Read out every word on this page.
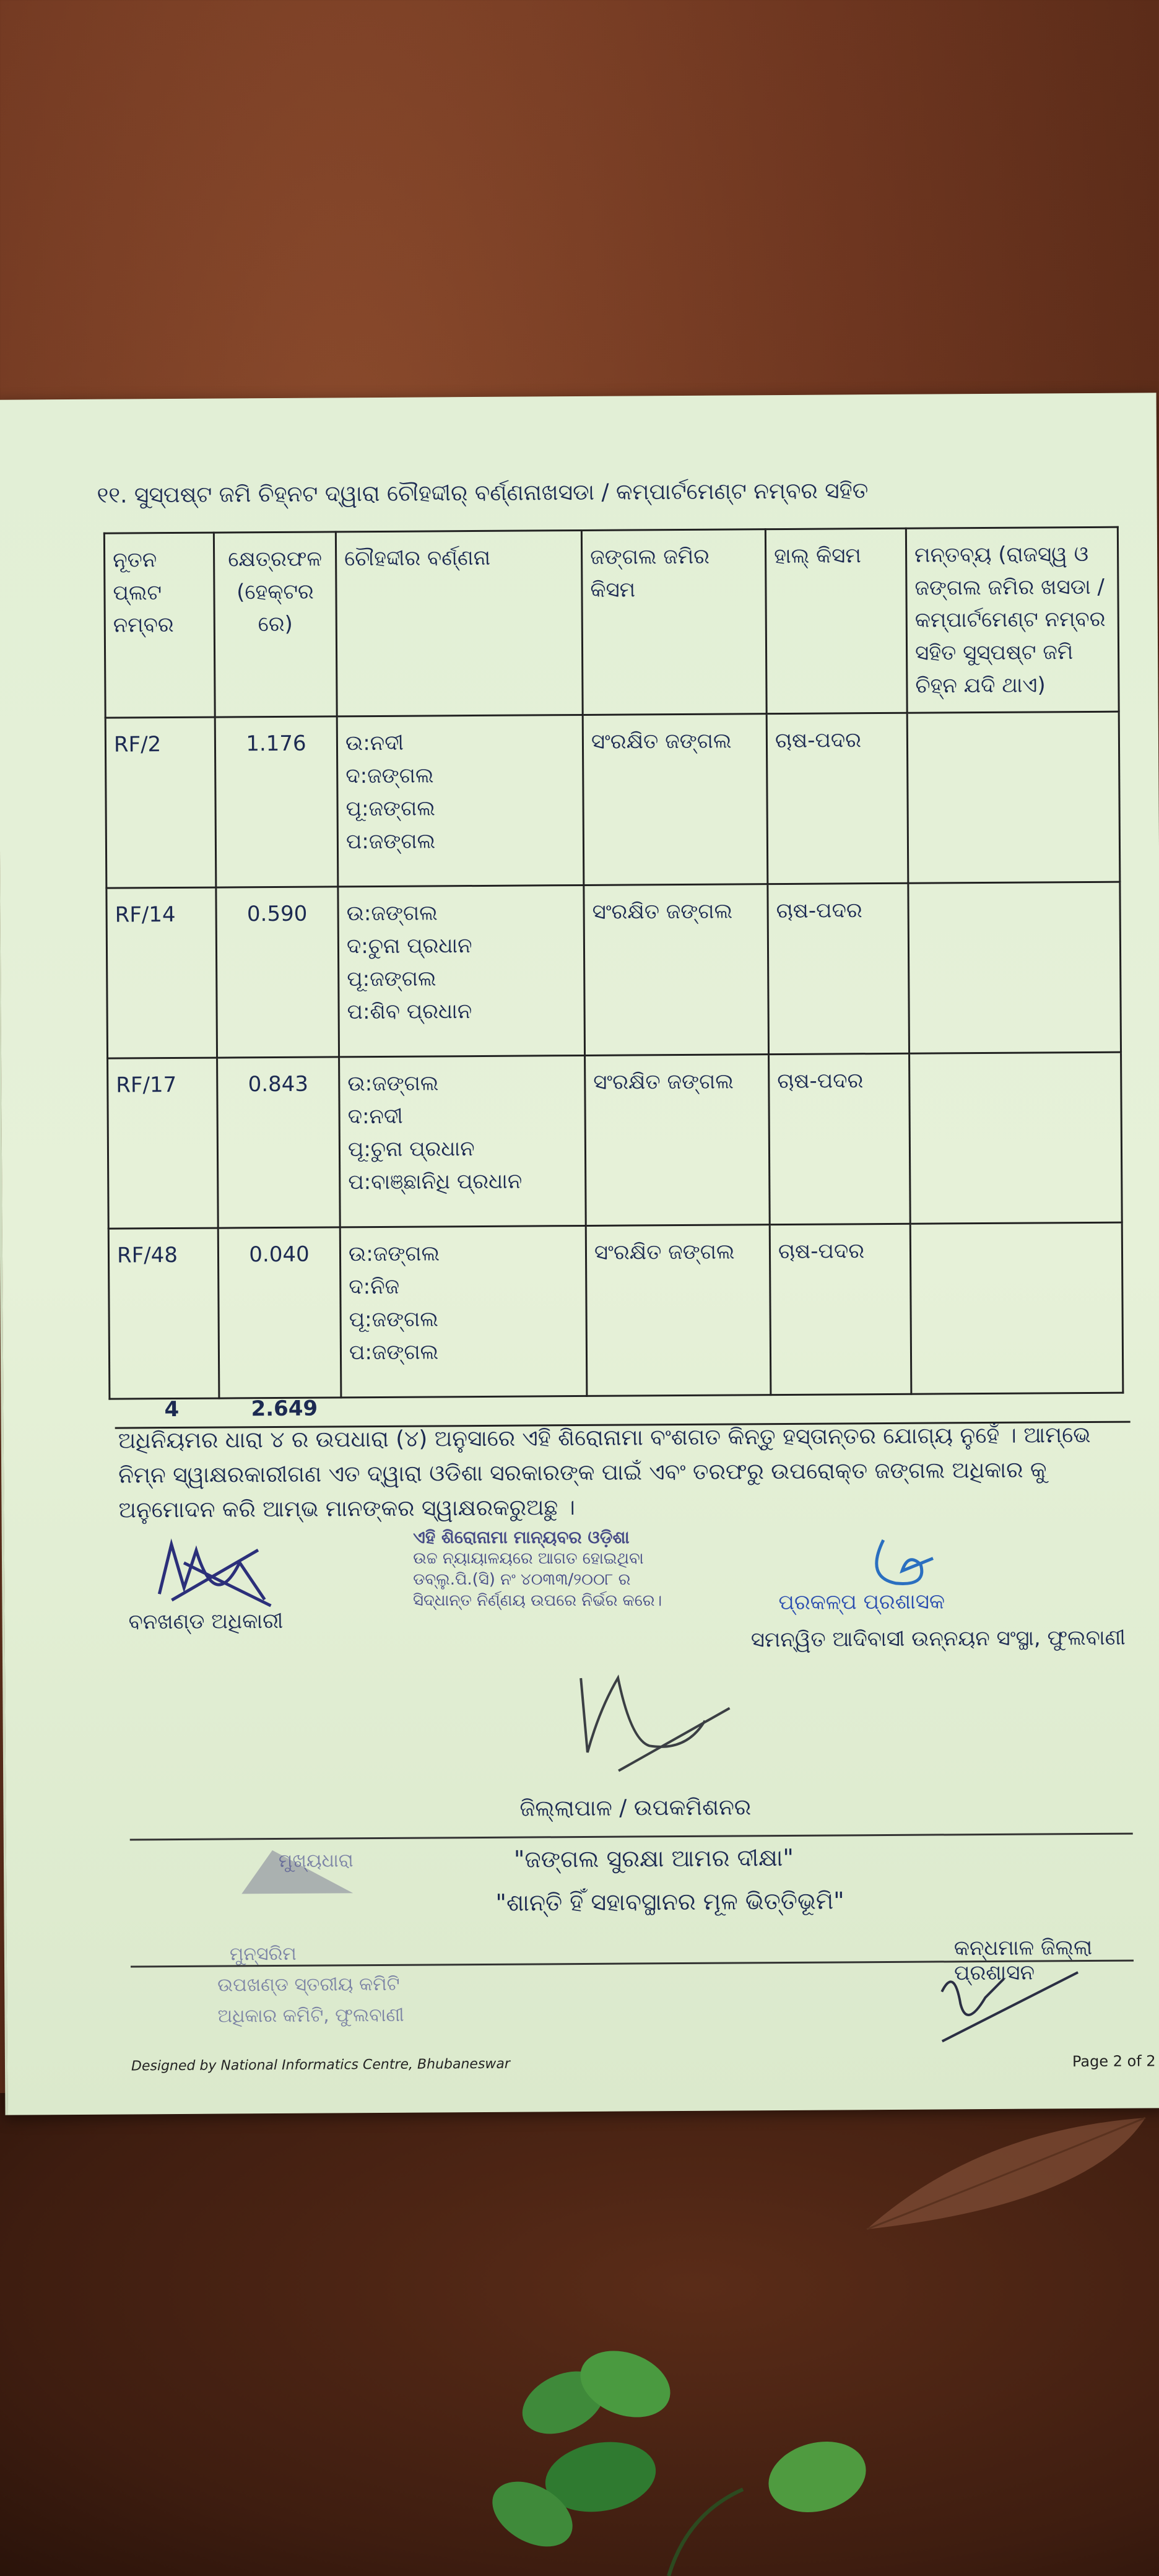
୧୧. ସୁସ୍ପଷ୍ଟ ଜମି ଚିହ୍ନଟ ଦ୍ୱାରା ଚୌହଦ୍ଦୀର୍ ବର୍ଣ୍ଣନାଖସଡା / କମ୍ପାର୍ଟମେଣ୍ଟ ନମ୍ବର ସହିତ
ନୂତନ ପ୍ଲଟ ନମ୍ବର	କ୍ଷେତ୍ରଫଳ (ହେକ୍ଟର ରେ)	ଚୌହଦ୍ଦୀର ବର୍ଣ୍ଣନା	ଜଙ୍ଗଲ ଜମିର କିସମ	ହାଲ୍ କିସମ	ମନ୍ତବ୍ୟ (ରାଜସ୍ୱ ଓ ଜଙ୍ଗଲ ଜମିର ଖସଡା / କମ୍ପାର୍ଟମେଣ୍ଟ ନମ୍ବର ସହିତ ସୁସ୍ପଷ୍ଟ ଜମି ଚିହ୍ନ ଯଦି ଥାଏ)
RF/2	1.176	ଉ:ନଦୀ
ଦ:ଜଙ୍ଗଲ
ପୂ:ଜଙ୍ଗଲ
ପ:ଜଙ୍ଗଲ	ସଂରକ୍ଷିତ ଜଙ୍ଗଲ	ଚାଷ-ପଦର	
RF/14	0.590	ଉ:ଜଙ୍ଗଲ
ଦ:ଚୁନା ପ୍ରଧାନ
ପୂ:ଜଙ୍ଗଲ
ପ:ଶିବ ପ୍ରଧାନ	ସଂରକ୍ଷିତ ଜଙ୍ଗଲ	ଚାଷ-ପଦର	
RF/17	0.843	ଉ:ଜଙ୍ଗଲ
ଦ:ନଦୀ
ପୂ:ଚୁନା ପ୍ରଧାନ
ପ:ବାଞ୍ଛାନିଧି ପ୍ରଧାନ	ସଂରକ୍ଷିତ ଜଙ୍ଗଲ	ଚାଷ-ପଦର	
RF/48	0.040	ଉ:ଜଙ୍ଗଲ
ଦ:ନିଜ
ପୂ:ଜଙ୍ଗଲ
ପ:ଜଙ୍ଗଲ	ସଂରକ୍ଷିତ ଜଙ୍ଗଲ	ଚାଷ-ପଦର	
4	2.649
ଅଧିନିୟମର ଧାରା ୪ ର ଉପଧାରା (୪) ଅନୁସାରେ ଏହି ଶିରୋନାମା ବଂଶଗତ କିନ୍ତୁ ହସ୍ତାନ୍ତର ଯୋଗ୍ୟ ନୁହେଁ । ଆମ୍ଭେ ନିମ୍ନ ସ୍ୱାକ୍ଷରକାରୀଗଣ ଏତ ଦ୍ୱାରା ଓଡିଶା ସରକାରଙ୍କ ପାଇଁ ଏବଂ ତରଫରୁ ଉପରୋକ୍ତ ଜଙ୍ଗଲ ଅଧିକାର କୁ ଅନୁମୋଦନ କରି ଆମ୍ଭ ମାନଙ୍କର ସ୍ୱାକ୍ଷରକରୁଅଛୁ ।
ବନଖଣ୍ଡ ଅଧିକାରୀ
ଏହି ଶିରୋନାମା ମାନ୍ୟବର ଓଡ଼ିଶା
ଉଚ୍ଚ ନ୍ୟାୟାଳୟରେ ଆଗତ ହୋଇଥିବା
ଡବ୍ଲୁ.ପି.(ସି) ନଂ ୪୦୩୩/୨୦୦୮ ର
ସିଦ୍ଧାନ୍ତ ନିର୍ଣ୍ଣୟ ଉପରେ ନିର୍ଭର କରେ।	ପ୍ରକଳ୍ପ ପ୍ରଶାସକ
ସମନ୍ୱିତ ଆଦିବାସୀ ଉନ୍ନୟନ ସଂସ୍ଥା, ଫୁଲବାଣୀ
ଜିଲ୍ଲାପାଳ / ଉପକମିଶନର
ମୁଖ୍ୟଧାରା	"ଜଙ୍ଗଲ ସୁରକ୍ଷା ଆମର ଦୀକ୍ଷା"
"ଶାନ୍ତି ହିଁ ସହାବସ୍ଥାନର ମୂଳ ଭିତ୍ତିଭୂମି"
ମୁନ୍ସରିମ	କନ୍ଧମାଳ ଜିଲ୍ଲା ପ୍ରଶାସନ
ଉପଖଣ୍ଡ ସ୍ତରୀୟ କମିଟି
ଅଧିକାର କମିଟି, ଫୁଲବାଣୀ
Designed by National Informatics Centre, Bhubaneswar	Page 2 of 2
